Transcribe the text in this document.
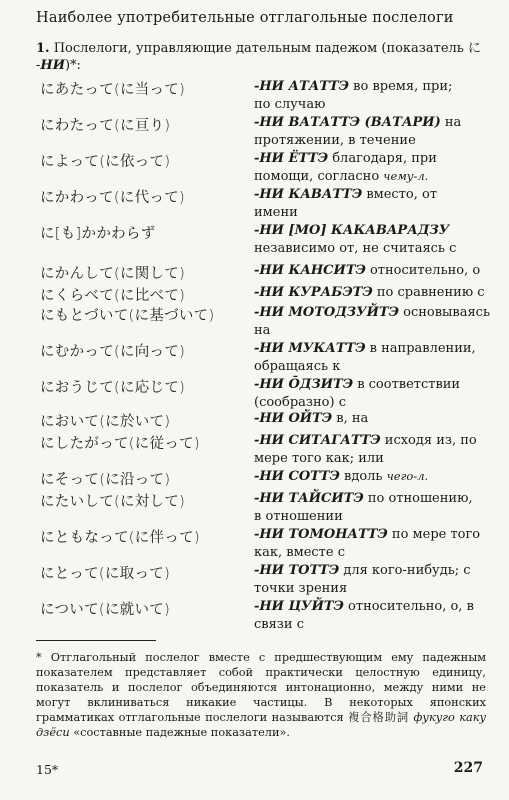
Наиболее употребительные отглагольные послелоги
1. Послелоги, управляющие дательным падежом (показатель に -НИ)*:
にあたって(に当って)	-НИ АТАТТЭ во время, при;
по случаю
にわたって(に亘り)	-НИ ВАТАТТЭ (ВАТАРИ) на
протяжении, в течение
によって(に依って)	-НИ ЁТТЭ благодаря, при
помощи, согласно чему-л.
にかわって(に代って)	-НИ КАВАТТЭ вместо, от
имени
に[も]かかわらず	-НИ [МО] КАКАВАРАДЗУ
независимо от, не считаясь с
にかんして(に関して)	-НИ КАНСИТЭ относительно, о
にくらべて(に比べて)	-НИ КУРАБЭТЭ по сравнению с
にもとづいて(に基づいて)	-НИ МОТОДЗУЙТЭ основываясь
на
にむかって(に向って)	-НИ МУКАТТЭ в направлении,
обращаясь к
におうじて(に応じて)	-НИ ŌДЗИТЭ в соответствии
(сообразно) с
において(に於いて)	-НИ ОЙТЭ в, на
にしたがって(に従って)	-НИ СИТАГАТТЭ исходя из, по
мере того как; или
にそって(に沿って)	-НИ СОТТЭ вдоль чего-л.
にたいして(に対して)	-НИ ТАЙСИТЭ по отношению,
в отношении
にともなって(に伴って)	-НИ ТОМОНАТТЭ по мере того
как, вместе с
にとって(に取って)	-НИ ТОТТЭ для кого-нибудь; с
точки зрения
について(に就いて)	-НИ ЦУЙТЭ относительно, о, в
связи с
* Отглагольный послелог вместе с предшествующим ему падежным показателем представляет собой практически целостную единицу, показатель и послелог объединяются интонационно, между ними не могут вклиниваться никакие частицы. В некоторых японских грамматиках отглагольные послелоги называются 複合格助詞 фукуго каку дзёси «составные падежные показатели».
15*	227
